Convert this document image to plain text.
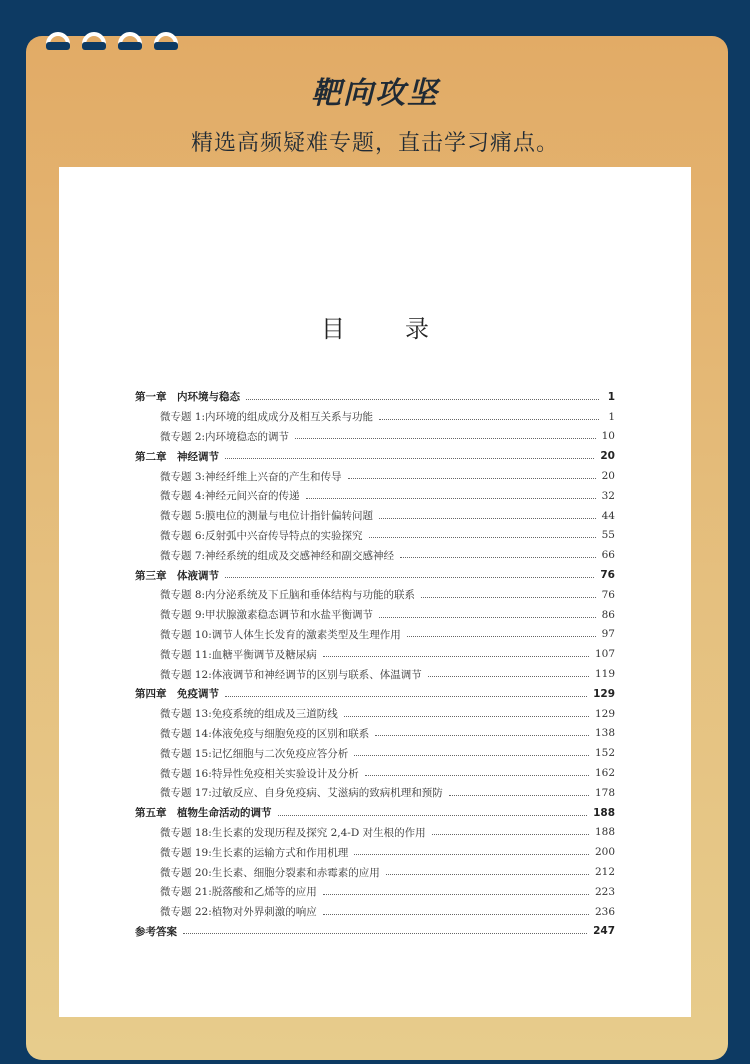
靶向攻坚
精选高频疑难专题，直击学习痛点。
目　录
第一章　内环境与稳态	1
微专题 1:内环境的组成成分及相互关系与功能	1
微专题 2:内环境稳态的调节	10
第二章　神经调节	20
微专题 3:神经纤维上兴奋的产生和传导	20
微专题 4:神经元间兴奋的传递	32
微专题 5:膜电位的测量与电位计指针偏转问题	44
微专题 6:反射弧中兴奋传导特点的实验探究	55
微专题 7:神经系统的组成及交感神经和副交感神经	66
第三章　体液调节	76
微专题 8:内分泌系统及下丘脑和垂体结构与功能的联系	76
微专题 9:甲状腺激素稳态调节和水盐平衡调节	86
微专题 10:调节人体生长发育的激素类型及生理作用	97
微专题 11:血糖平衡调节及糖尿病	107
微专题 12:体液调节和神经调节的区别与联系、体温调节	119
第四章　免疫调节	129
微专题 13:免疫系统的组成及三道防线	129
微专题 14:体液免疫与细胞免疫的区别和联系	138
微专题 15:记忆细胞与二次免疫应答分析	152
微专题 16:特异性免疫相关实验设计及分析	162
微专题 17:过敏反应、自身免疫病、艾滋病的致病机理和预防	178
第五章　植物生命活动的调节	188
微专题 18:生长素的发现历程及探究 2,4-D 对生根的作用	188
微专题 19:生长素的运输方式和作用机理	200
微专题 20:生长素、细胞分裂素和赤霉素的应用	212
微专题 21:脱落酸和乙烯等的应用	223
微专题 22:植物对外界刺激的响应	236
参考答案	247
